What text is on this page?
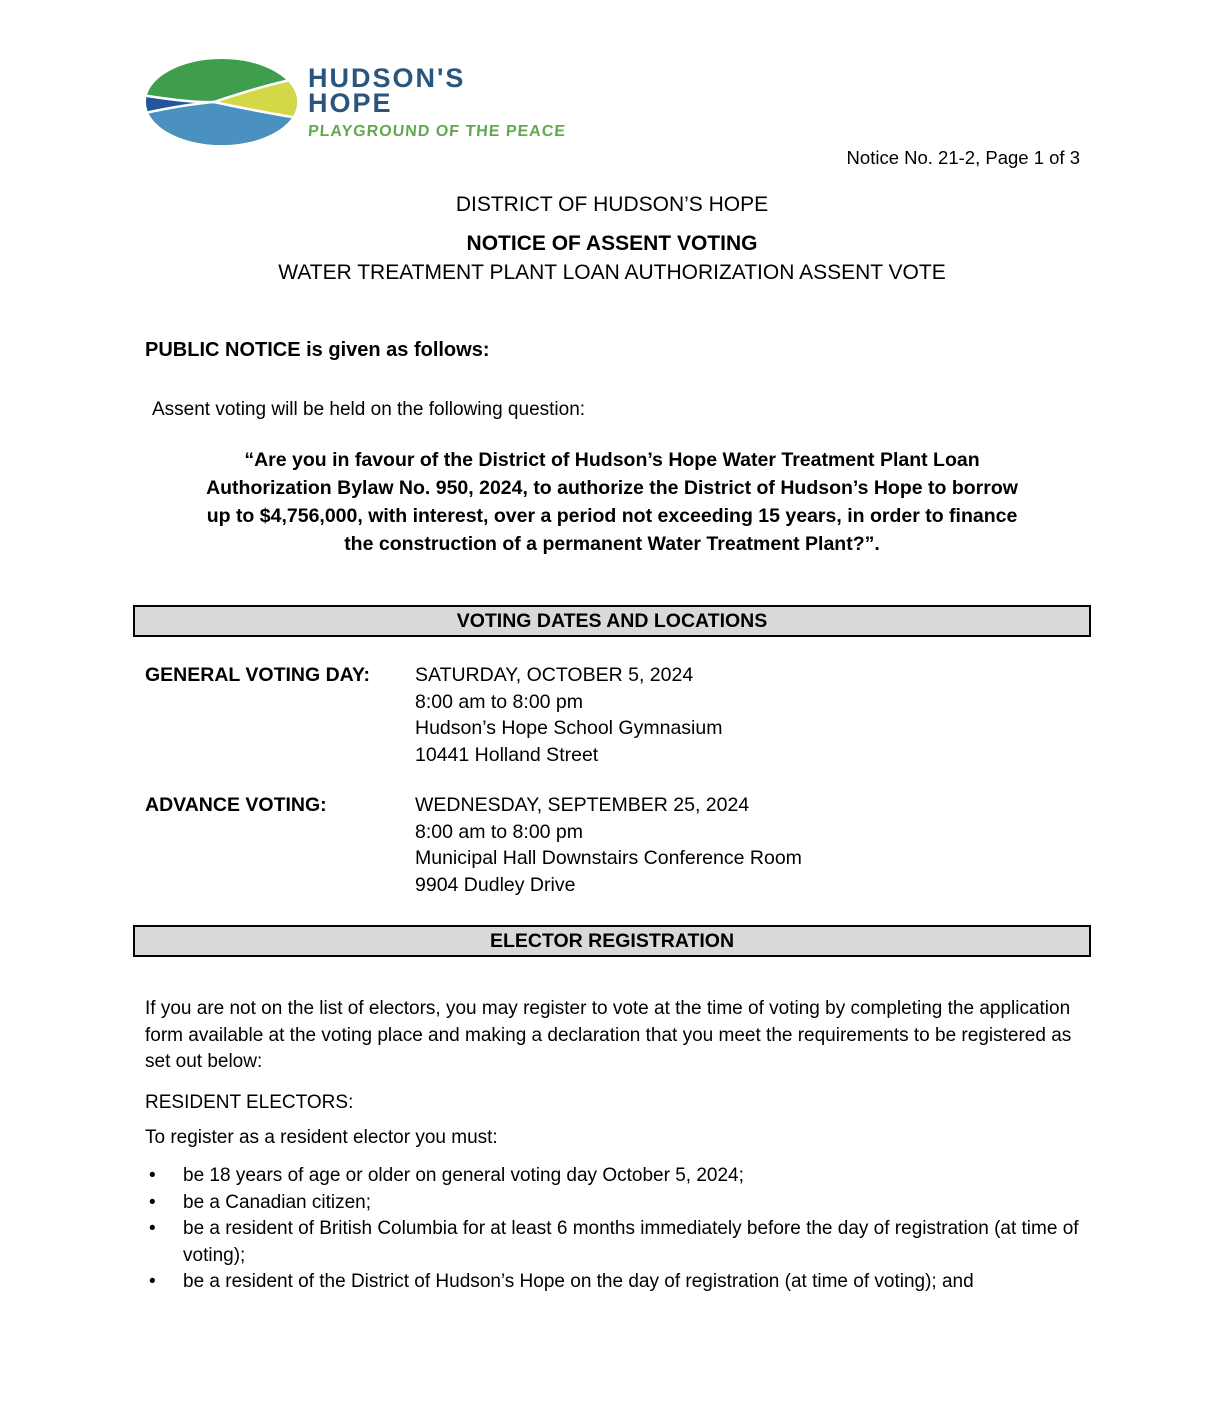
HUDSON'S
HOPE
PLAYGROUND OF THE PEACE
Notice No. 21-2, Page 1 of 3
DISTRICT OF HUDSON’S HOPE
NOTICE OF ASSENT VOTING
WATER TREATMENT PLANT LOAN AUTHORIZATION ASSENT VOTE
PUBLIC NOTICE is given as follows:
Assent voting will be held on the following question:
“Are you in favour of the District of Hudson’s Hope Water Treatment Plant Loan Authorization Bylaw No. 950, 2024, to authorize the District of Hudson’s Hope to borrow up to $4,756,000, with interest, over a period not exceeding 15 years, in order to finance the construction of a permanent Water Treatment Plant?”.
VOTING DATES AND LOCATIONS
GENERAL VOTING DAY:	SATURDAY, OCTOBER 5, 2024
8:00 am to 8:00 pm
Hudson’s Hope School Gymnasium
10441 Holland Street
ADVANCE VOTING:	WEDNESDAY, SEPTEMBER 25, 2024
8:00 am to 8:00 pm
Municipal Hall Downstairs Conference Room
9904 Dudley Drive
ELECTOR REGISTRATION
If you are not on the list of electors, you may register to vote at the time of voting by completing the application form available at the voting place and making a declaration that you meet the requirements to be registered as set out below:
RESIDENT ELECTORS:
To register as a resident elector you must:
• be 18 years of age or older on general voting day October 5, 2024;
• be a Canadian citizen;
• be a resident of British Columbia for at least 6 months immediately before the day of registration (at time of voting);
• be a resident of the District of Hudson’s Hope on the day of registration (at time of voting); and
